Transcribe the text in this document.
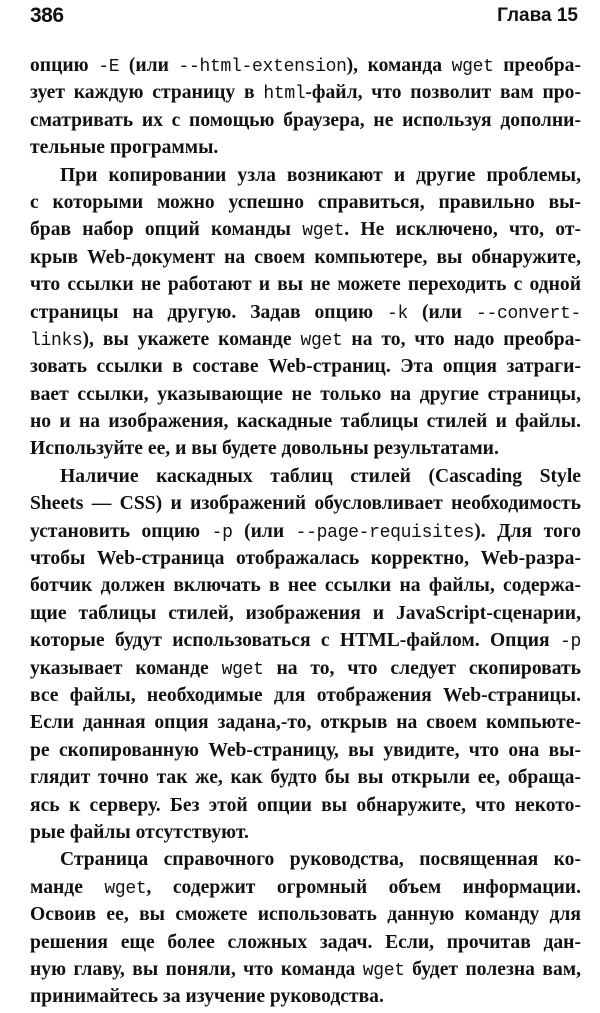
386	Глава 15
опцию -E (или --html-extension), команда wget преобра-
зует каждую страницу в html-файл, что позволит вам про-
сматривать их с помощью браузера, не используя дополни-
тельные программы.
При копировании узла возникают и другие проблемы,
с которыми можно успешно справиться, правильно вы-
брав набор опций команды wget. Не исключено, что, от-
крыв Web-документ на своем компьютере, вы обнаружите,
что ссылки не работают и вы не можете переходить с одной
страницы на другую. Задав опцию -k (или --convert-
links), вы укажете команде wget на то, что надо преобра-
зовать ссылки в составе Web-страниц. Эта опция затраги-
вает ссылки, указывающие не только на другие страницы,
но и на изображения, каскадные таблицы стилей и файлы.
Используйте ее, и вы будете довольны результатами.
Наличие каскадных таблиц стилей (Cascading Style
Sheets — CSS) и изображений обусловливает необходимость
установить опцию -p (или --page-requisites). Для того
чтобы Web-страница отображалась корректно, Web-разра-
ботчик должен включать в нее ссылки на файлы, содержа-
щие таблицы стилей, изображения и JavaScript-сценарии,
которые будут использоваться с HTML-файлом. Опция -p
указывает команде wget на то, что следует скопировать
все файлы, необходимые для отображения Web-страницы.
Если данная опция задана,-то, открыв на своем компьюте-
ре скопированную Web-страницу, вы увидите, что она вы-
глядит точно так же, как будто бы вы открыли ее, обраща-
ясь к серверу. Без этой опции вы обнаружите, что некото-
рые файлы отсутствуют.
Страница справочного руководства, посвященная ко-
манде wget, содержит огромный объем информации.
Освоив ее, вы сможете использовать данную команду для
решения еще более сложных задач. Если, прочитав дан-
ную главу, вы поняли, что команда wget будет полезна вам,
принимайтесь за изучение руководства.
